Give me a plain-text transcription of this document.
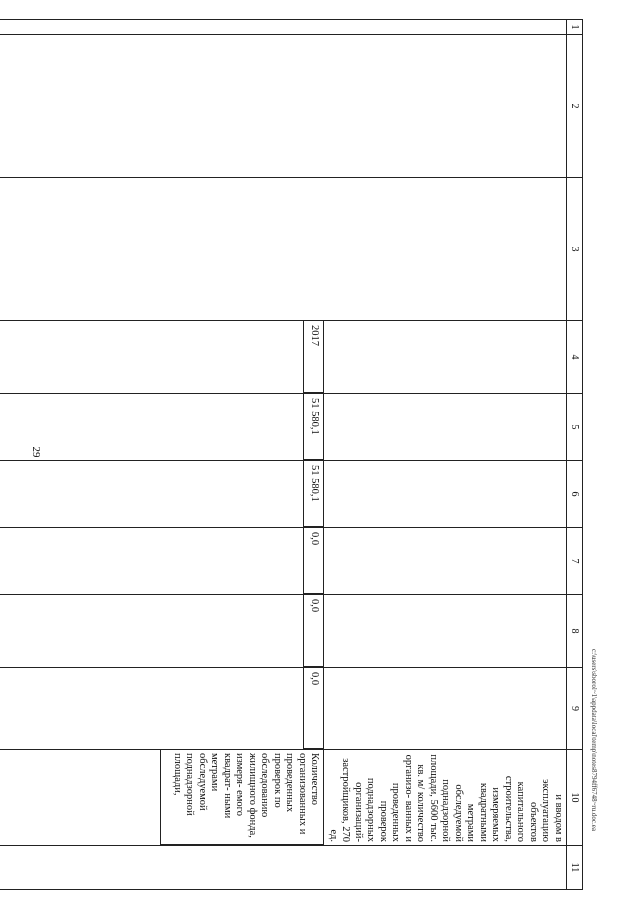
29
c:\users\sborol~1\appdata\local\temp\notes8794ff6748~ru.doc.ea
1	2	3	4	5	6	7	8	9	10	11
									и вводом в эксплуатацию объектов капитального строительства, измеряемых квадратными метрами обследуемой поднадзорной площади, 5600 тыс. кв. м/ количество организо- ванных и проведенных проверок поднадзорных организаций-застройщиков, 270 ед.	

			2017	51 580,1	51 580,1	0,0	0,0	0,0	Количество организованных и проведенных проверок по обследованию жилищного фонда, измеря- емого квадрат- ными метрами обследуемой поднадзорной площади,	
